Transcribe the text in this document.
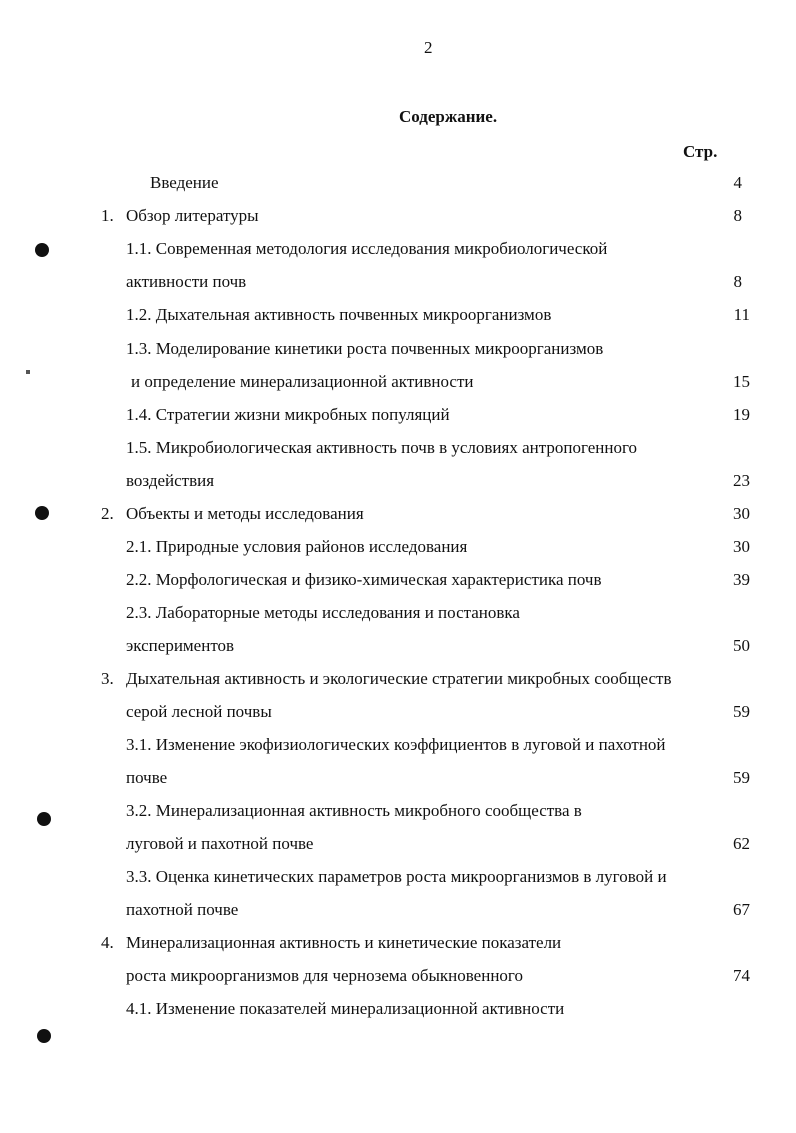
2
Содержание.
Стр.
Введение	4
1. Обзор литературы	8
1.1. Современная методология исследования микробиологической
активности почв	8
1.2. Дыхательная активность почвенных микроорганизмов	11
1.3. Моделирование кинетики роста почвенных микроорганизмов
и определение минерализационной активности	15
1.4. Стратегии жизни микробных популяций	19
1.5. Микробиологическая активность почв в условиях антропогенного
воздействия	23
2. Объекты и методы исследования	30
2.1. Природные условия районов исследования	30
2.2. Морфологическая и физико-химическая характеристика почв	39
2.3. Лабораторные методы исследования и постановка
экспериментов	50
3. Дыхательная активность и экологические стратегии микробных сообществ
серой лесной почвы	59
3.1. Изменение экофизиологических коэффициентов в луговой и пахотной
почве	59
3.2. Минерализационная активность микробного сообщества в
луговой и пахотной почве	62
3.3. Оценка кинетических параметров роста микроорганизмов в луговой и
пахотной почве	67
4. Минерализационная активность и кинетические показатели
роста микроорганизмов для чернозема обыкновенного	74
4.1. Изменение показателей минерализационной активности
